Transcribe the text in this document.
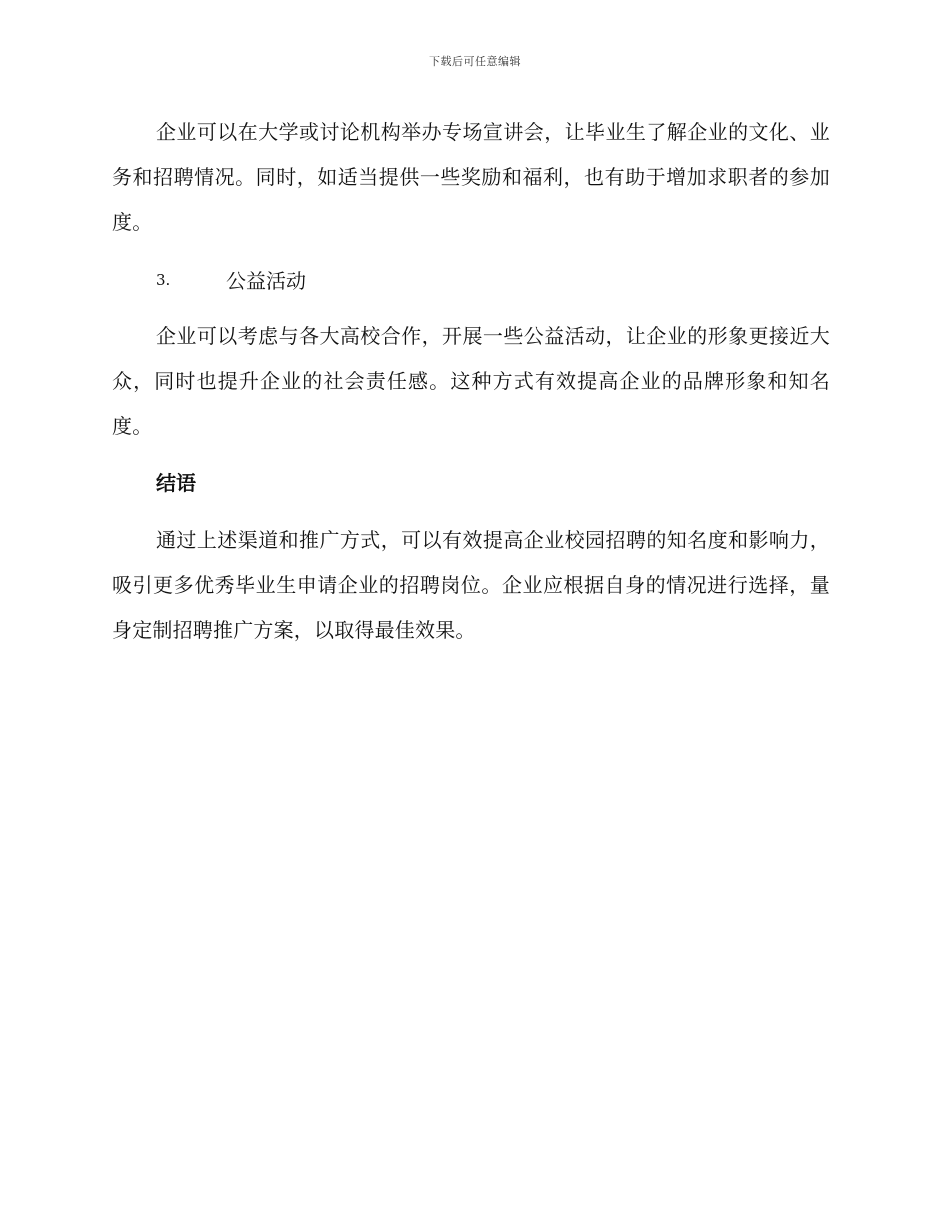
下载后可任意编辑

企业可以在大学或讨论机构举办专场宣讲会，让毕业生了解企业的文化、业务和招聘情况。同时，如适当提供一些奖励和福利，也有助于增加求职者的参加度。

3.	公益活动

企业可以考虑与各大高校合作，开展一些公益活动，让企业的形象更接近大众，同时也提升企业的社会责任感。这种方式有效提高企业的品牌形象和知名度。

结语

通过上述渠道和推广方式，可以有效提高企业校园招聘的知名度和影响力，吸引更多优秀毕业生申请企业的招聘岗位。企业应根据自身的情况进行选择，量身定制招聘推广方案，以取得最佳效果。
